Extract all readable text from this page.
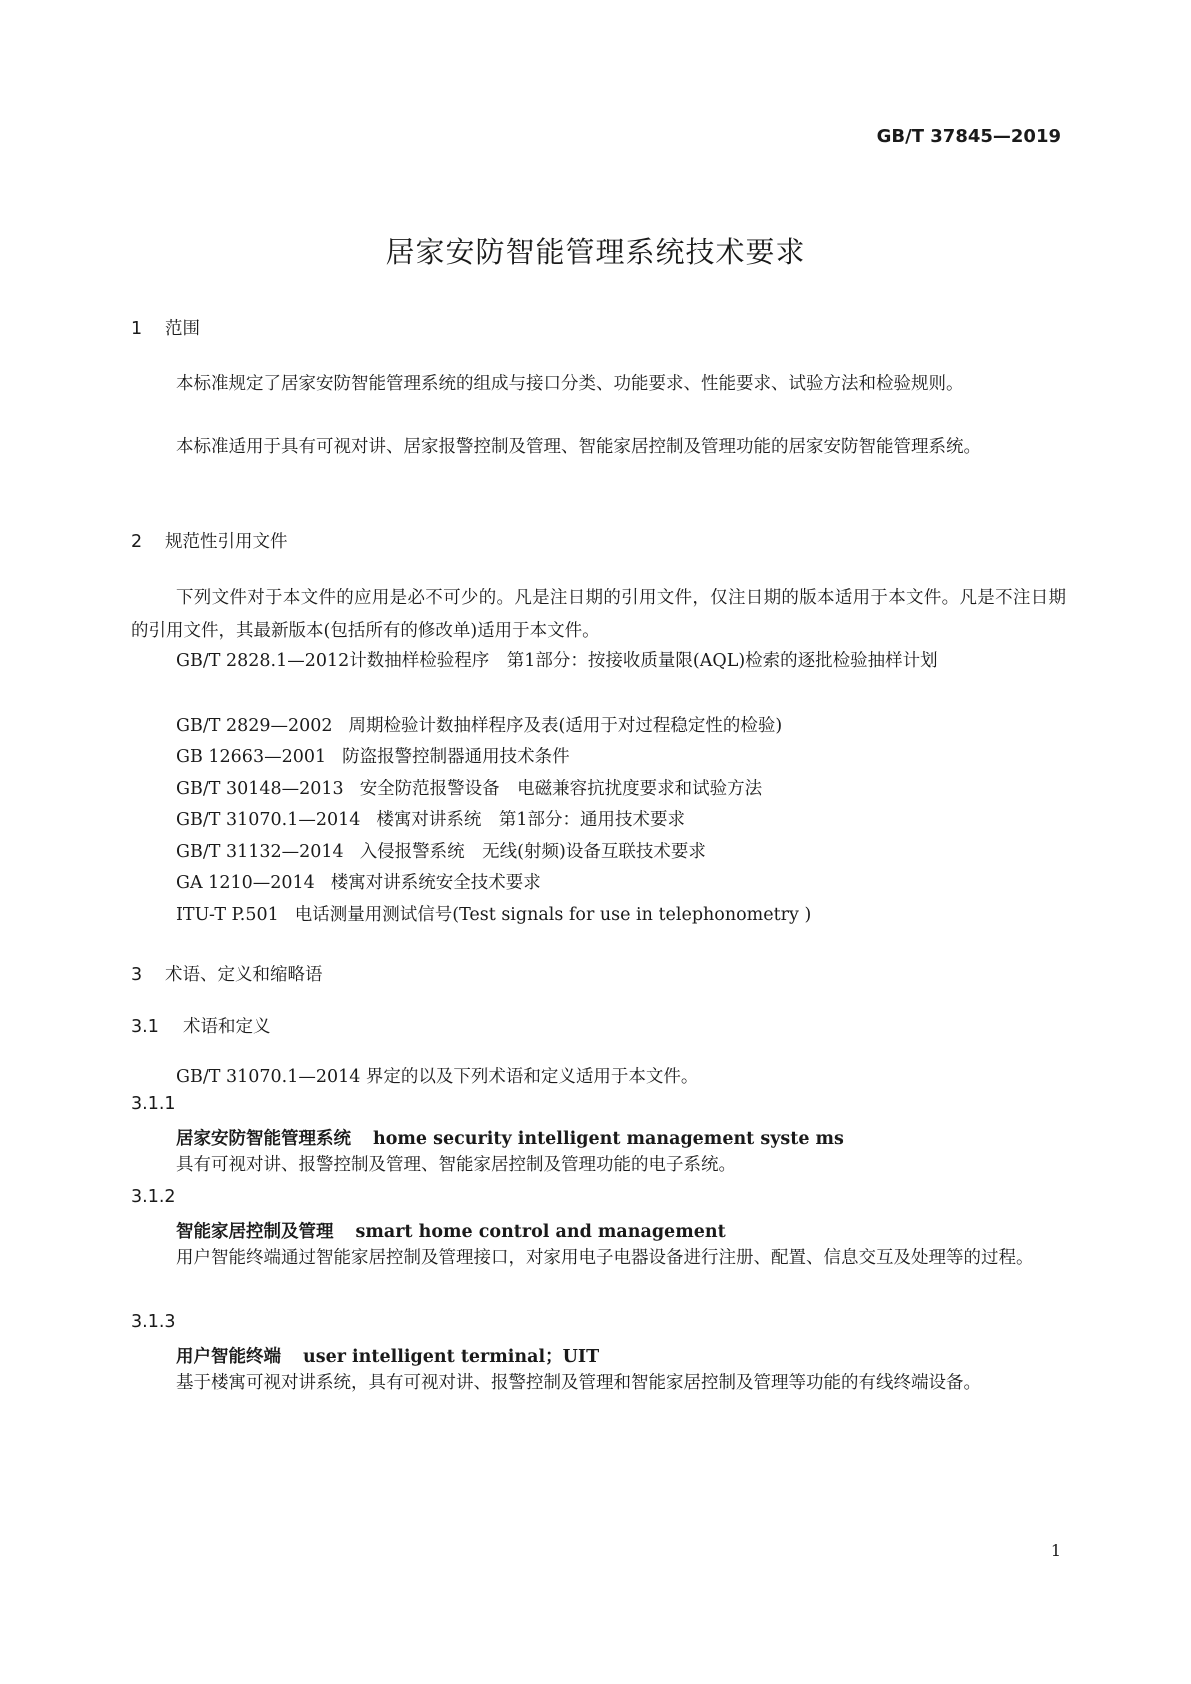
GB/T 37845—2019
居家安防智能管理系统技术要求
1 范围

本标准规定了居家安防智能管理系统的组成与接口分类、功能要求、性能要求、试验方法和检验规则。

本标准适用于具有可视对讲、居家报警控制及管理、智能家居控制及管理功能的居家安防智能管理系统。

2 规范性引用文件

下列文件对于本文件的应用是必不可少的。凡是注日期的引用文件，仅注日期的版本适用于本文件。凡是不注日期的引用文件，其最新版本(包括所有的修改单)适用于本文件。

GB/T 2828.1—2012计数抽样检验程序　第1部分：按接收质量限(AQL)检索的逐批检验抽样计划

GB/T 2829—2002 周期检验计数抽样程序及表(适用于对过程稳定性的检验)
GB 12663—2001 防盗报警控制器通用技术条件
GB/T 30148—2013 安全防范报警设备　电磁兼容抗扰度要求和试验方法
GB/T 31070.1—2014 楼寓对讲系统　第1部分：通用技术要求
GB/T 31132—2014 入侵报警系统　无线(射频)设备互联技术要求
GA 1210—2014 楼寓对讲系统安全技术要求
ITU-T P.501 电话测量用测试信号(Test signals for use in telephonometry )
3 术语、定义和缩略语
3.1 术语和定义
GB/T 31070.1—2014 界定的以及下列术语和定义适用于本文件。
3.1.1
居家安防智能管理系统 home security intelligent management syste ms

具有可视对讲、报警控制及管理、智能家居控制及管理功能的电子系统。

3.1.2
智能家居控制及管理 smart home control and management

用户智能终端通过智能家居控制及管理接口，对家用电子电器设备进行注册、配置、信息交互及处理等的过程。

3.1.3
用户智能终端 user intelligent terminal；UIT

基于楼寓可视对讲系统，具有可视对讲、报警控制及管理和智能家居控制及管理等功能的有线终端设备。

1
